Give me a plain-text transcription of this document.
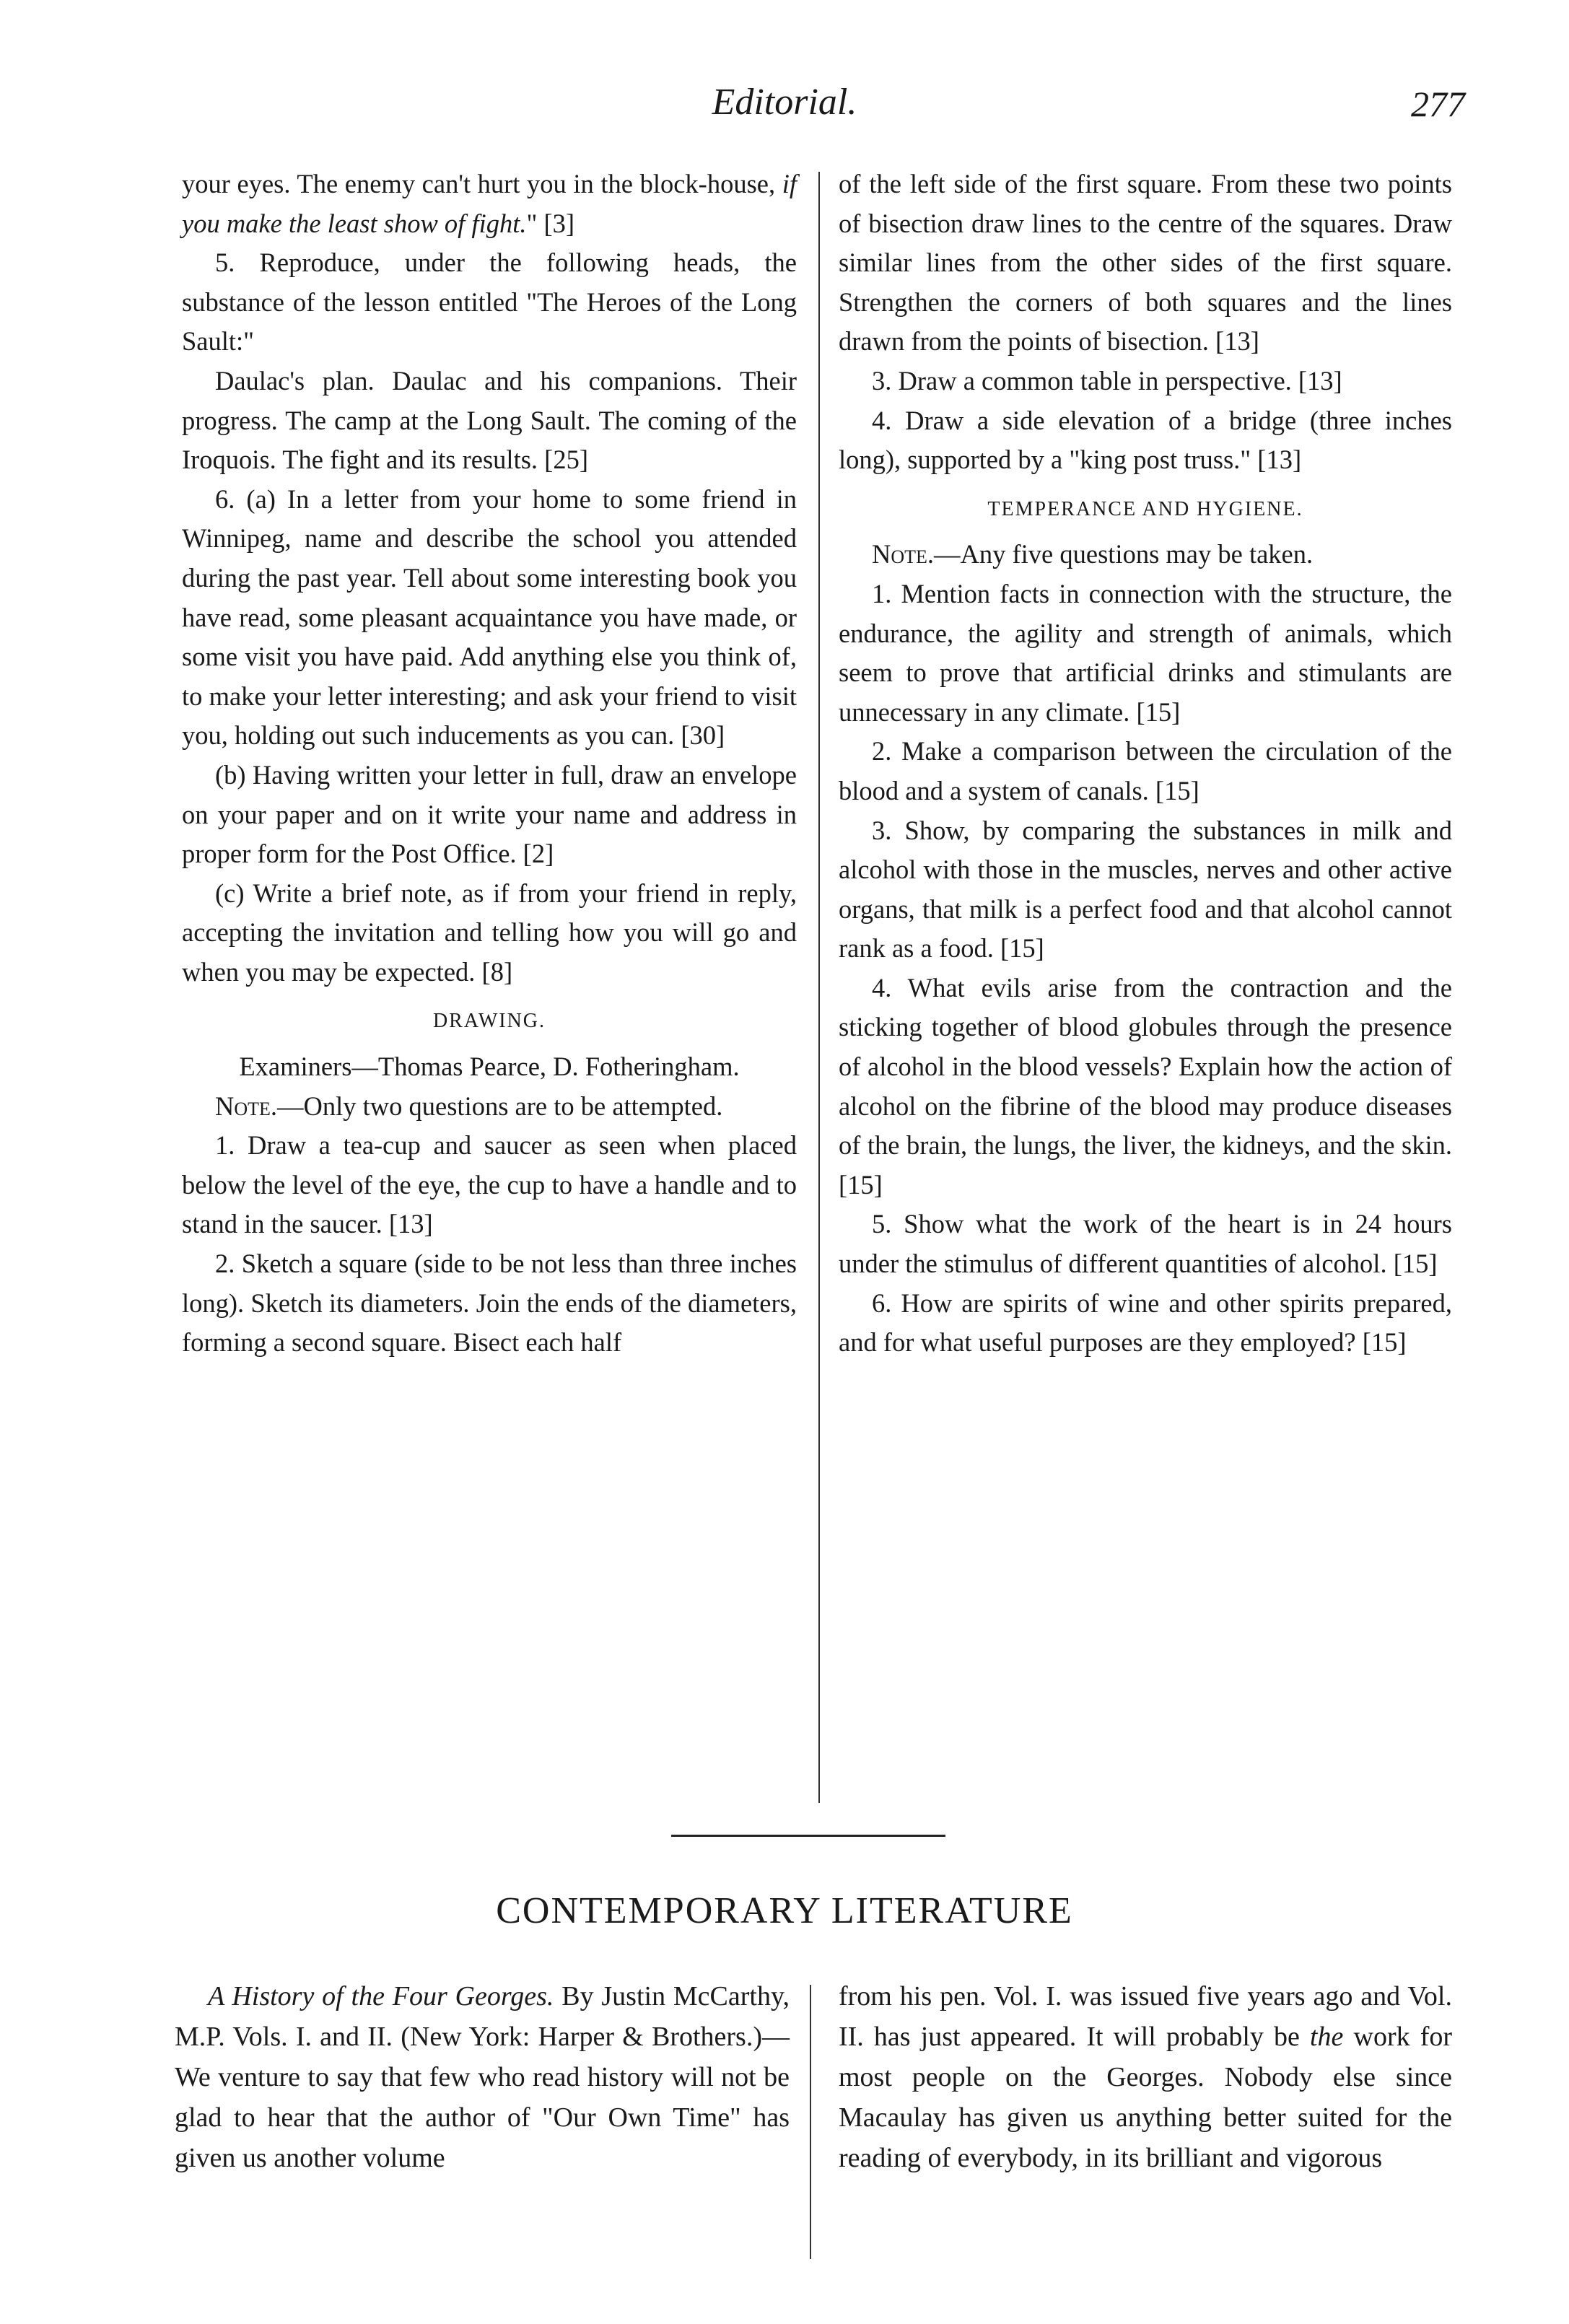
Editorial.	277

your eyes. The enemy can't hurt you in the block-house, if you make the least show of fight." [3]

5. Reproduce, under the following heads, the substance of the lesson entitled "The Heroes of the Long Sault:"

Daulac's plan. Daulac and his companions. Their progress. The camp at the Long Sault. The coming of the Iroquois. The fight and its results. [25]

6. (a) In a letter from your home to some friend in Winnipeg, name and describe the school you attended during the past year. Tell about some interesting book you have read, some pleasant acquaintance you have made, or some visit you have paid. Add anything else you think of, to make your letter interesting; and ask your friend to visit you, holding out such inducements as you can. [30]

(b) Having written your letter in full, draw an envelope on your paper and on it write your name and address in proper form for the Post Office. [2]

(c) Write a brief note, as if from your friend in reply, accepting the invitation and telling how you will go and when you may be expected. [8]

DRAWING.

Examiners—Thomas Pearce, D. Fotheringham.

Note.—Only two questions are to be attempted.

1. Draw a tea-cup and saucer as seen when placed below the level of the eye, the cup to have a handle and to stand in the saucer. [13]

2. Sketch a square (side to be not less than three inches long). Sketch its diameters. Join the ends of the diameters, forming a second square. Bisect each half

of the left side of the first square. From these two points of bisection draw lines to the centre of the squares. Draw similar lines from the other sides of the first square. Strengthen the corners of both squares and the lines drawn from the points of bisection. [13]

3. Draw a common table in perspective. [13]

4. Draw a side elevation of a bridge (three inches long), supported by a "king post truss." [13]

TEMPERANCE AND HYGIENE.

Note.—Any five questions may be taken.

1. Mention facts in connection with the structure, the endurance, the agility and strength of animals, which seem to prove that artificial drinks and stimulants are unnecessary in any climate. [15]

2. Make a comparison between the circulation of the blood and a system of canals. [15]

3. Show, by comparing the substances in milk and alcohol with those in the muscles, nerves and other active organs, that milk is a perfect food and that alcohol cannot rank as a food. [15]

4. What evils arise from the contraction and the sticking together of blood globules through the presence of alcohol in the blood vessels? Explain how the action of alcohol on the fibrine of the blood may produce diseases of the brain, the lungs, the liver, the kidneys, and the skin. [15]

5. Show what the work of the heart is in 24 hours under the stimulus of different quantities of alcohol. [15]

6. How are spirits of wine and other spirits prepared, and for what useful purposes are they employed? [15]

CONTEMPORARY LITERATURE

A History of the Four Georges. By Justin McCarthy, M.P. Vols. I. and II. (New York: Harper & Brothers.)—We venture to say that few who read history will not be glad to hear that the author of "Our Own Time" has given us another volume

from his pen. Vol. I. was issued five years ago and Vol. II. has just appeared. It will probably be the work for most people on the Georges. Nobody else since Macaulay has given us anything better suited for the reading of everybody, in its brilliant and vigorous
